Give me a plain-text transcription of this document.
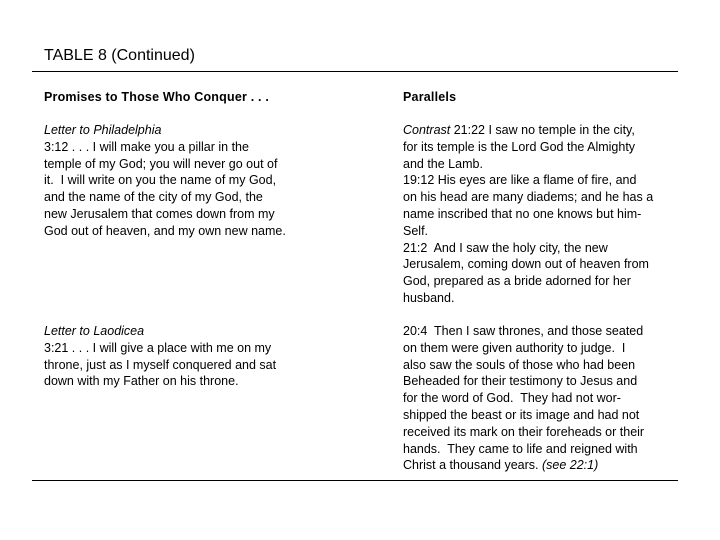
TABLE 8 (Continued)
Promises to Those Who Conquer . . .	Parallels
Letter to Philadelphia
3:12 . . . I will make you a pillar in the
temple of my God; you will never go out of
it.  I will write on you the name of my God,
and the name of the city of my God, the
new Jerusalem that comes down from my
God out of heaven, and my own new name.
Contrast 21:22 I saw no temple in the city,
for its temple is the Lord God the Almighty
and the Lamb.
19:12 His eyes are like a flame of fire, and
on his head are many diadems; and he has a
name inscribed that no one knows but him-
Self.
21:2  And I saw the holy city, the new
Jerusalem, coming down out of heaven from
God, prepared as a bride adorned for her
husband.
Letter to Laodicea
3:21 . . . I will give a place with me on my
throne, just as I myself conquered and sat
down with my Father on his throne.
20:4  Then I saw thrones, and those seated
on them were given authority to judge.  I
also saw the souls of those who had been
Beheaded for their testimony to Jesus and
for the word of God.  They had not wor-
shipped the beast or its image and had not
received its mark on their foreheads or their
hands.  They came to life and reigned with
Christ a thousand years. (see 22:1)
